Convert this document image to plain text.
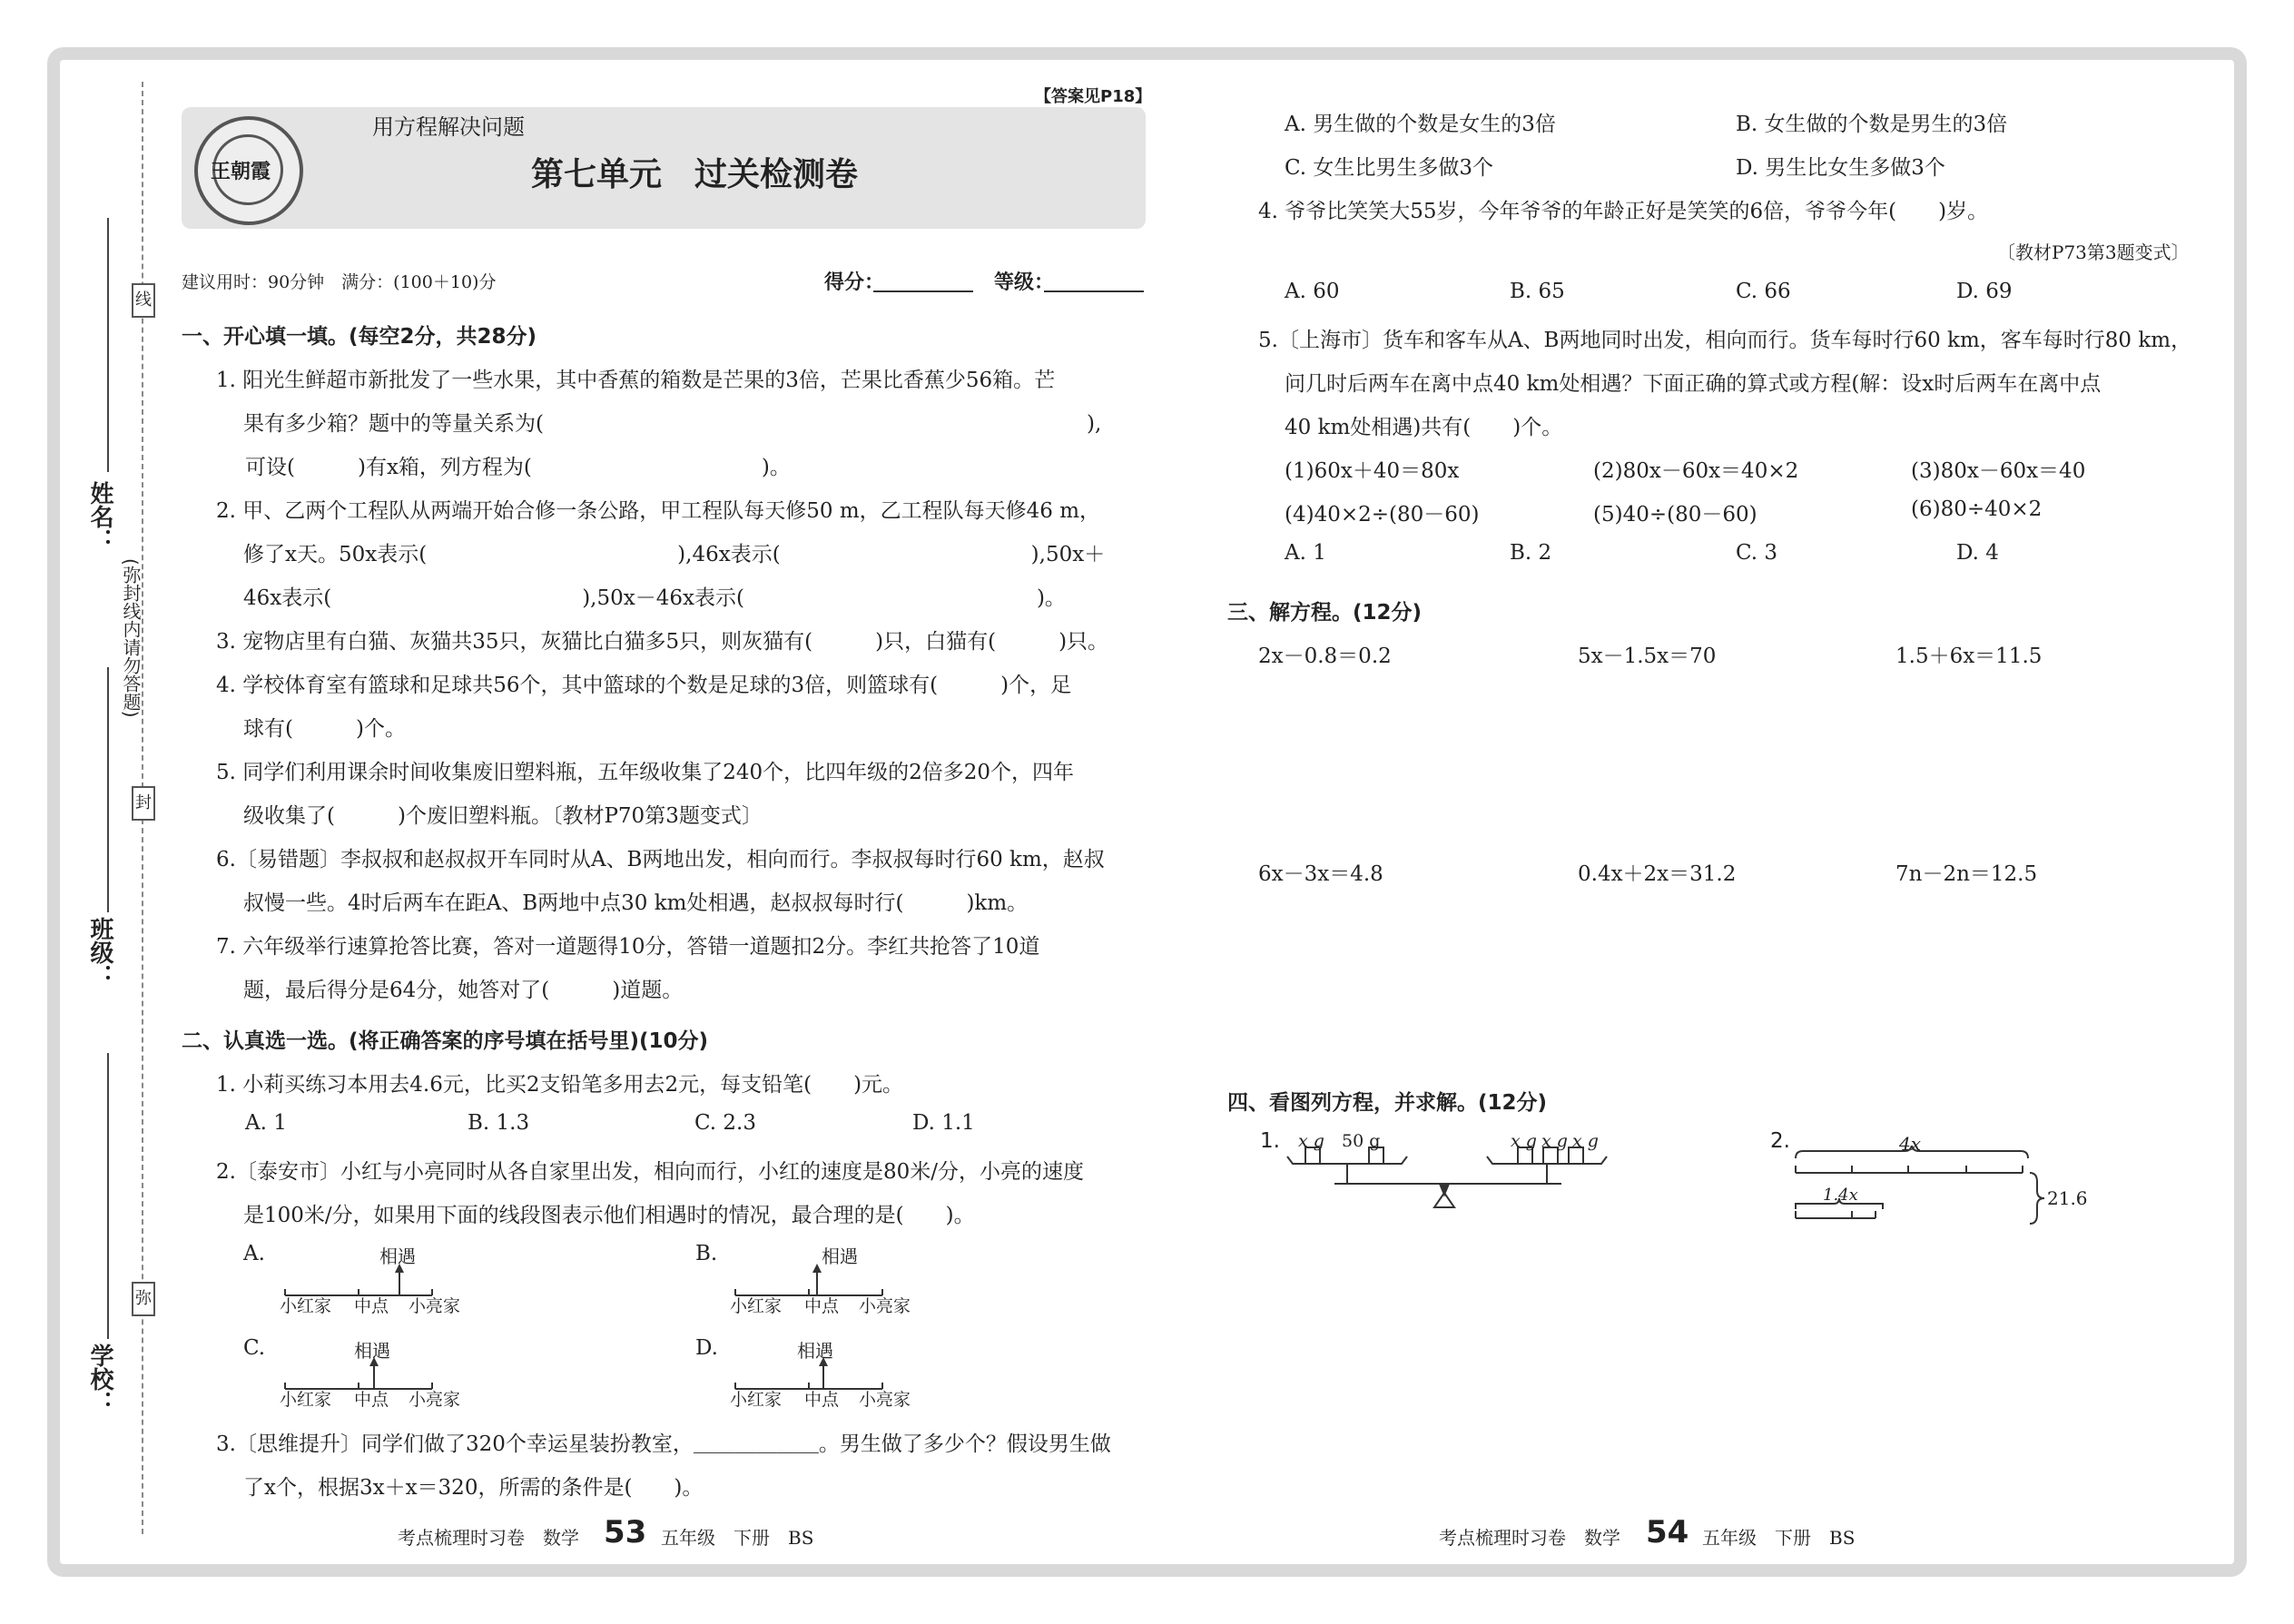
线
封
弥
(弥封线内请勿答题)
姓名：
班级：
学校：
【答案见P18】
王朝霞
用方程解决问题
第七单元　过关检测卷
建议用时：90分钟　满分：(100＋10)分	得分：	等级：
一、开心填一填。(每空2分，共28分)
1. 阳光生鲜超市新批发了一些水果，其中香蕉的箱数是芒果的3倍，芒果比香蕉少56箱。芒
果有多少箱？题中的等量关系为(　　　　　　　　　　　　　　　　　　　　　　　　　　),
可设(　　　)有x箱，列方程为(　　　　　　　　　　　)。
2. 甲、乙两个工程队从两端开始合修一条公路，甲工程队每天修50 m，乙工程队每天修46 m，
修了x天。50x表示(　　　　　　　　　　　　),46x表示(　　　　　　　　　　　　),50x＋
46x表示(　　　　　　　　　　　　),50x－46x表示(　　　　　　　　　　　　　　)。
3. 宠物店里有白猫、灰猫共35只，灰猫比白猫多5只，则灰猫有(　　　)只，白猫有(　　　)只。
4. 学校体育室有篮球和足球共56个，其中篮球的个数是足球的3倍，则篮球有(　　　)个，足
球有(　　　)个。
5. 同学们利用课余时间收集废旧塑料瓶，五年级收集了240个，比四年级的2倍多20个，四年
级收集了(　　　)个废旧塑料瓶。〔教材P70第3题变式〕
6.〔易错题〕李叔叔和赵叔叔开车同时从A、B两地出发，相向而行。李叔叔每时行60 km，赵叔
叔慢一些。4时后两车在距A、B两地中点30 km处相遇，赵叔叔每时行(　　　)km。
7. 六年级举行速算抢答比赛，答对一道题得10分，答错一道题扣2分。李红共抢答了10道
题，最后得分是64分，她答对了(　　　)道题。
二、认真选一选。(将正确答案的序号填在括号里)(10分)
1. 小莉买练习本用去4.6元，比买2支铅笔多用去2元，每支铅笔(　　)元。
A. 1	B. 1.3	C. 2.3	D. 1.1
2.〔泰安市〕小红与小亮同时从各自家里出发，相向而行，小红的速度是80米/分，小亮的速度
是100米/分，如果用下面的线段图表示他们相遇时的情况，最合理的是(　　)。
A.	B.
C.	D.
相遇	相遇
相遇	相遇
小红家 中点 小亮家	小红家 中点 小亮家
小红家 中点 小亮家	小红家 中点 小亮家
3.〔思维提升〕同学们做了320个幸运星装扮教室，＿＿＿＿＿＿。男生做了多少个？假设男生做
了x个，根据3x＋x＝320，所需的条件是(　　)。
考点梳理时习卷　数学 53 五年级　下册　BS
A. 男生做的个数是女生的3倍	B. 女生做的个数是男生的3倍
C. 女生比男生多做3个	D. 男生比女生多做3个
4. 爷爷比笑笑大55岁，今年爷爷的年龄正好是笑笑的6倍，爷爷今年(　　)岁。
〔教材P73第3题变式〕
A. 60	B. 65	C. 66	D. 69
5.〔上海市〕货车和客车从A、B两地同时出发，相向而行。货车每时行60 km，客车每时行80 km，
问几时后两车在离中点40 km处相遇？下面正确的算式或方程(解：设x时后两车在离中点
40 km处相遇)共有(　　)个。
(1)60x＋40＝80x	(2)80x－60x＝40×2	(3)80x－60x＝40
(4)40×2÷(80－60)	(5)40÷(80－60)	(6)80÷40×2
A. 1	B. 2	C. 3	D. 4
三、解方程。(12分)
2x－0.8＝0.2	5x－1.5x＝70	1.5＋6x＝11.5
6x－3x＝4.8	0.4x＋2x＝31.2	7n－2n＝12.5
四、看图列方程，并求解。(12分)
1. x g 50 g	x g x g x g	2.	4x
1.4x	21.6
考点梳理时习卷　数学 54 五年级　下册　BS
